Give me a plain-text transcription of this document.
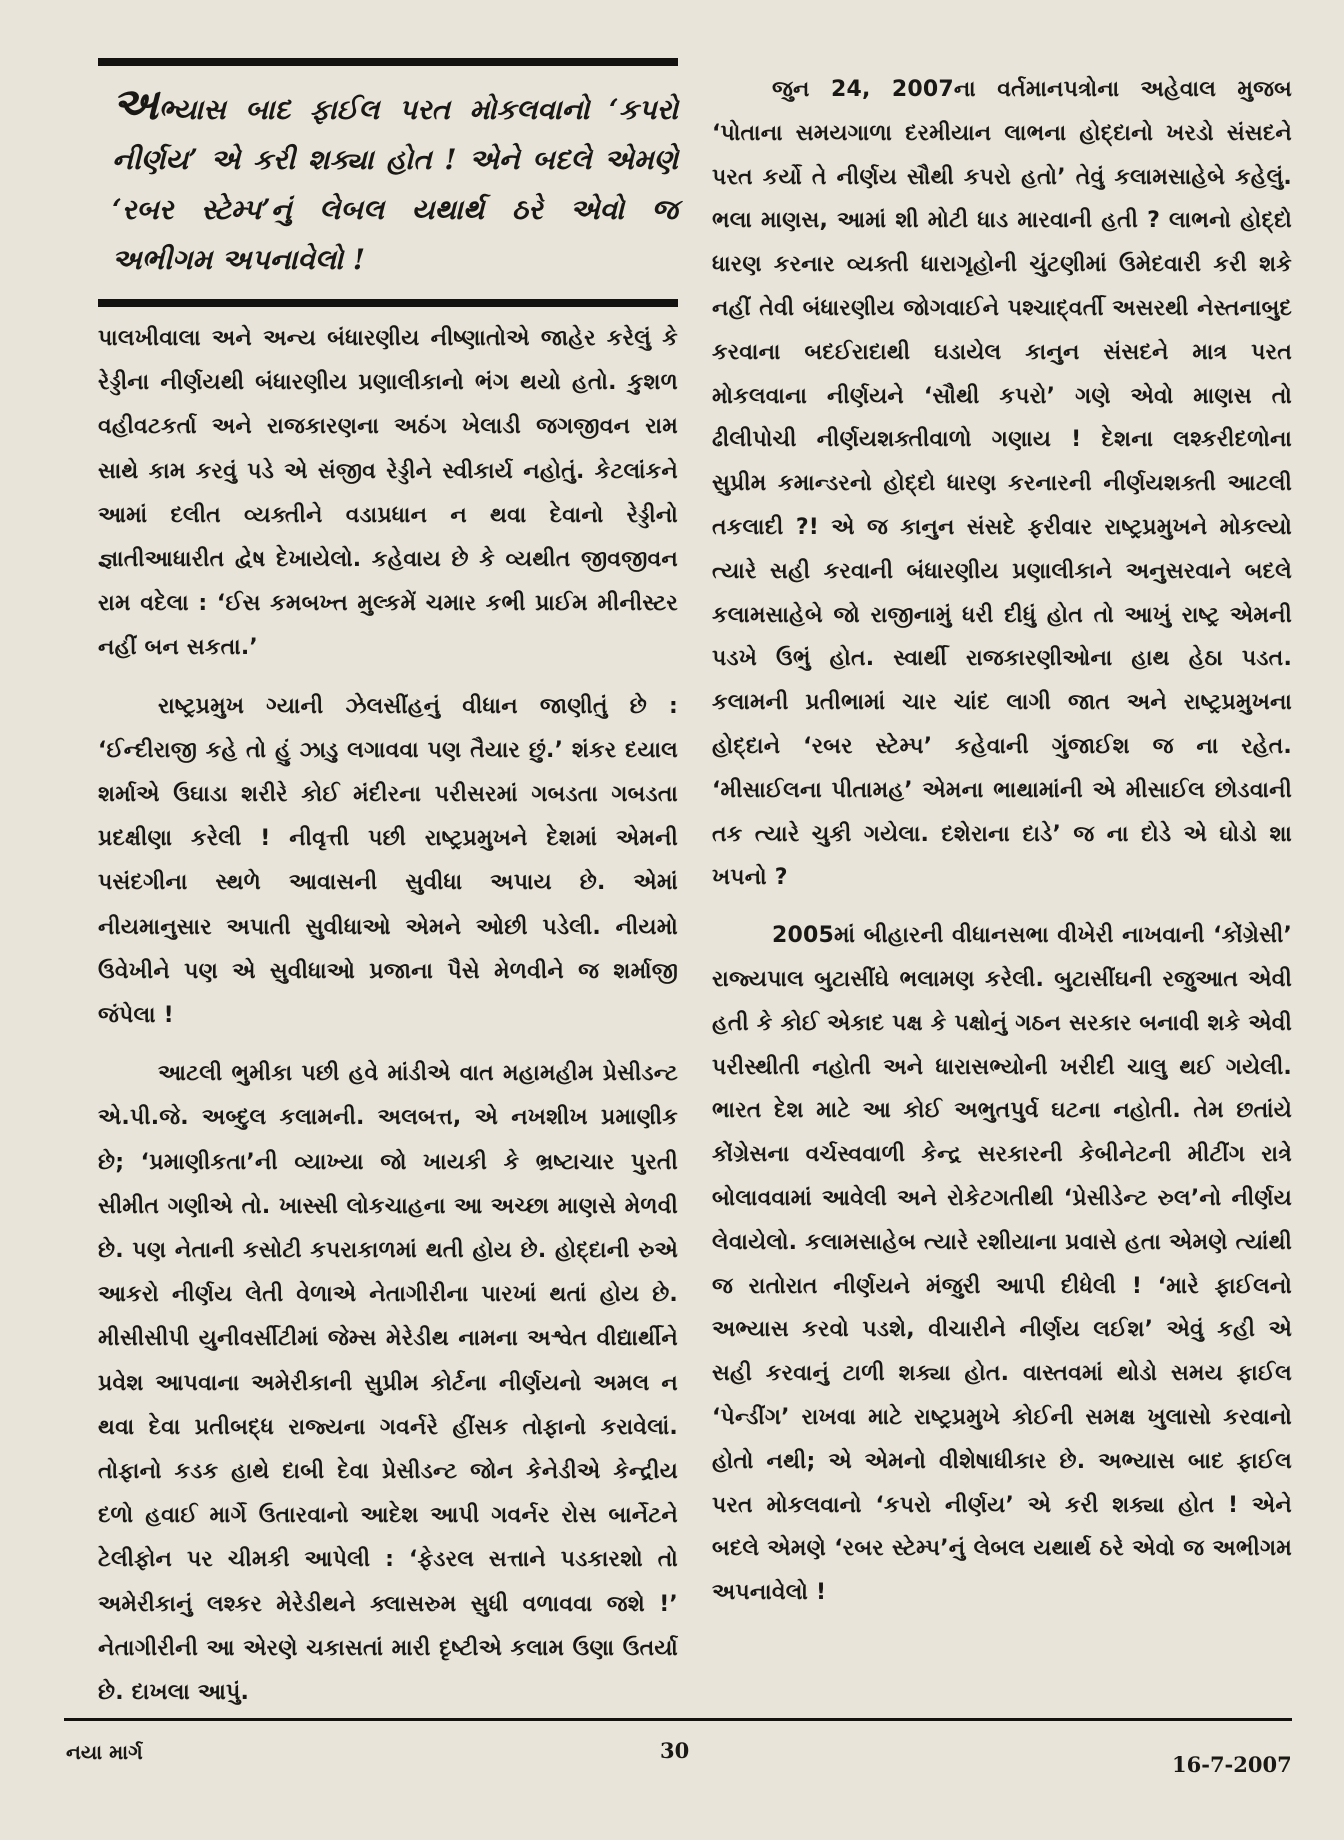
અભ્યાસ બાદ ફાઈલ પરત મોકલવાનો ‘કપરો નીર્ણય’ એ કરી શક્યા હોત ! એને બદલે એમણે ‘રબર સ્ટેમ્પ’નું લેબલ યથાર્થ ઠરે એવો જ અભીગમ અપનાવેલો !

પાલખીવાલા અને અન્ય બંધારણીય નીષ્ણાતોએ જાહેર કરેલું કે રેડ્ડીના નીર્ણયથી બંધારણીય પ્રણાલીકાનો ભંગ થયો હતો. કુશળ વહીવટકર્તા અને રાજકારણના અઠંગ ખેલાડી જગજીવન રામ સાથે કામ કરવું પડે એ સંજીવ રેડ્ડીને સ્વીકાર્ય નહોતું. કેટલાંકને આમાં દલીત વ્યક્તીને વડાપ્રધાન ન થવા દેવાનો રેડ્ડીનો જ્ઞાતીઆધારીત દ્વેષ દેખાયેલો. કહેવાય છે કે વ્યથીત જીવજીવન રામ વદેલા : ‘ઈસ કમબખ્ત મુલ્કમેં ચમાર કભી પ્રાઈમ મીનીસ્ટર નહીં બન સકતા.’

રાષ્ટ્રપ્રમુખ ગ્યાની ઝેલસીંહનું વીધાન જાણીતું છે : ‘ઈન્દીરાજી કહે તો હું ઝાડુ લગાવવા પણ તૈયાર છું.’ શંકર દયાલ શર્માએ ઉઘાડા શરીરે કોઈ મંદીરના પરીસરમાં ગબડતા ગબડતા પ્રદક્ષીણા કરેલી ! નીવૃત્તી પછી રાષ્ટ્રપ્રમુખને દેશમાં એમની પસંદગીના સ્થળે આવાસની સુવીધા અપાય છે. એમાં નીયમાનુસાર અપાતી સુવીધાઓ એમને ઓછી પડેલી. નીયમો ઉવેખીને પણ એ સુવીધાઓ પ્રજાના પૈસે મેળવીને જ શર્માજી જંપેલા !

આટલી ભુમીકા પછી હવે માંડીએ વાત મહામહીમ પ્રેસીડન્ટ એ.પી.જે. અબ્દુલ કલામની. અલબત્ત, એ નખશીખ પ્રમાણીક છે; ‘પ્રમાણીકતા’ની વ્યાખ્યા જો ખાયકી કે ભ્રષ્ટાચાર પુરતી સીમીત ગણીએ તો. ખાસ્સી લોકચાહના આ અચ્છા માણસે મેળવી છે. પણ નેતાની કસોટી કપરાકાળમાં થતી હોય છે. હોદ્દાની રુએ આકરો નીર્ણય લેતી વેળાએ નેતાગીરીના પારખાં થતાં હોય છે. મીસીસીપી યુનીવર્સીટીમાં જેમ્સ મેરેડીથ નામના અશ્વેત વીદ્યાર્થીને પ્રવેશ આપવાના અમેરીકાની સુપ્રીમ કોર્ટના નીર્ણયનો અમલ ન થવા દેવા પ્રતીબદ્ધ રાજ્યના ગવર્નરે હીંસક તોફાનો કરાવેલાં. તોફાનો કડક હાથે દાબી દેવા પ્રેસીડન્ટ જોન કેનેડીએ કેન્દ્રીય દળો હવાઈ માર્ગે ઉતારવાનો આદેશ આપી ગવર્નર રોસ બાર્નેટને ટેલીફોન પર ચીમકી આપેલી : ‘ફેડરલ સત્તાને પડકારશો તો અમેરીકાનું લશ્કર મેરેડીથને ક્લાસરુમ સુધી વળાવવા જશે !’ નેતાગીરીની આ એરણે ચકાસતાં મારી દૃષ્ટીએ કલામ ઉણા ઉતર્યા છે. દાખલા આપું.

જુન 24, 2007ના વર્તમાનપત્રોના અહેવાલ મુજબ ‘પોતાના સમયગાળા દરમીયાન લાભના હોદ્દાનો ખરડો સંસદને પરત કર્યો તે નીર્ણય સૌથી કપરો હતો’ તેવું કલામસાહેબે કહેલું. ભલા માણસ, આમાં શી મોટી ધાડ મારવાની હતી ? લાભનો હોદ્દો ધારણ કરનાર વ્યક્તી ધારાગૃહોની ચુંટણીમાં ઉમેદવારી કરી શકે નહીં તેવી બંધારણીય જોગવાઈને પશ્ચાદ્‌વર્તી અસરથી નેસ્તનાબુદ કરવાના બદઈરાદાથી ઘડાયેલ કાનુન સંસદને માત્ર પરત મોકલવાના નીર્ણયને ‘સૌથી કપરો’ ગણે એવો માણસ તો ઢીલીપોચી નીર્ણયશક્તીવાળો ગણાય ! દેશના લશ્કરીદળોના સુપ્રીમ કમાન્ડરનો હોદ્દો ધારણ કરનારની નીર્ણયશક્તી આટલી તકલાદી ?! એ જ કાનુન સંસદે ફરીવાર રાષ્ટ્રપ્રમુખને મોકલ્યો ત્યારે સહી કરવાની બંધારણીય પ્રણાલીકાને અનુસરવાને બદલે કલામસાહેબે જો રાજીનામું ધરી દીધું હોત તો આખું રાષ્ટ્ર એમની પડખે ઉભું હોત. સ્વાર્થી રાજકારણીઓના હાથ હેઠા પડત. કલામની પ્રતીભામાં ચાર ચાંદ લાગી જાત અને રાષ્ટ્રપ્રમુખના હોદ્દાને ‘રબર સ્ટેમ્પ’ કહેવાની ગુંજાઈશ જ ના રહેત. ‘મીસાઈલના પીતામહ’ એમના ભાથામાંની એ મીસાઈલ છોડવાની તક ત્યારે ચુકી ગયેલા. દશેરાના દાડે’ જ ના દોડે એ ઘોડો શા ખપનો ?

2005માં બીહારની વીધાનસભા વીખેરી નાખવાની ‘કોંગ્રેસી’ રાજ્યપાલ બુટાસીંઘે ભલામણ કરેલી. બુટાસીંઘની રજુઆત એવી હતી કે કોઈ એકાદ પક્ષ કે પક્ષોનું ગઠન સરકાર બનાવી શકે એવી પરીસ્થીતી નહોતી અને ધારાસભ્યોની ખરીદી ચાલુ થઈ ગયેલી. ભારત દેશ માટે આ કોઈ અભુતપુર્વ ઘટના નહોતી. તેમ છતાંયે કોંગ્રેસના વર્ચસ્વવાળી કેન્દ્ર સરકારની કેબીનેટની મીટીંગ રાત્રે બોલાવવામાં આવેલી અને રોકેટગતીથી ‘પ્રેસીડેન્ટ રુલ’નો નીર્ણય લેવાયેલો. કલામસાહેબ ત્યારે રશીયાના પ્રવાસે હતા એમણે ત્યાંથી જ રાતોરાત નીર્ણયને મંજુરી આપી દીધેલી ! ‘મારે ફાઈલનો અભ્યાસ કરવો પડશે, વીચારીને નીર્ણય લઈશ’ એવું કહી એ સહી કરવાનું ટાળી શક્યા હોત. વાસ્તવમાં થોડો સમય ફાઈલ ‘પેન્ડીંગ’ રાખવા માટે રાષ્ટ્રપ્રમુખે કોઈની સમક્ષ ખુલાસો કરવાનો હોતો નથી; એ એમનો વીશેષાધીકાર છે. અભ્યાસ બાદ ફાઈલ પરત મોકલવાનો ‘કપરો નીર્ણય’ એ કરી શક્યા હોત ! એને બદલે એમણે ‘રબર સ્ટેમ્પ’નું લેબલ યથાર્થ ઠરે એવો જ અભીગમ અપનાવેલો !

નયા માર્ગ	30
16-7-2007
